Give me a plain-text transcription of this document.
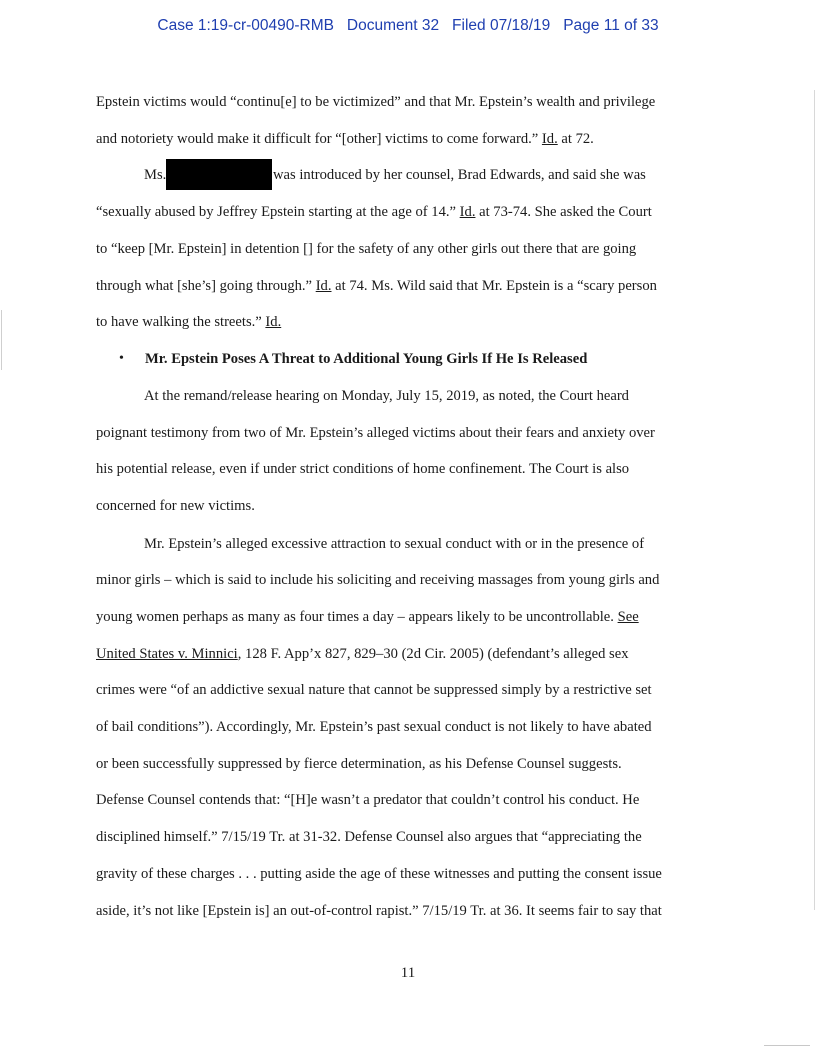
Case 1:19-cr-00490-RMB Document 32 Filed 07/18/19 Page 11 of 33
Epstein victims would “continu[e] to be victimized” and that Mr. Epstein’s wealth and privilege
and notoriety would make it difficult for “[other] victims to come forward.” Id. at 72.
Ms.	was introduced by her counsel, Brad Edwards, and said she was
“sexually abused by Jeffrey Epstein starting at the age of 14.” Id. at 73-74. She asked the Court
to “keep [Mr. Epstein] in detention [] for the safety of any other girls out there that are going
through what [she’s] going through.” Id. at 74. Ms. Wild said that Mr. Epstein is a “scary person
to have walking the streets.” Id.
• Mr. Epstein Poses A Threat to Additional Young Girls If He Is Released
At the remand/release hearing on Monday, July 15, 2019, as noted, the Court heard
poignant testimony from two of Mr. Epstein’s alleged victims about their fears and anxiety over
his potential release, even if under strict conditions of home confinement. The Court is also
concerned for new victims.
Mr. Epstein’s alleged excessive attraction to sexual conduct with or in the presence of
minor girls – which is said to include his soliciting and receiving massages from young girls and
young women perhaps as many as four times a day – appears likely to be uncontrollable. See
United States v. Minnici, 128 F. App’x 827, 829–30 (2d Cir. 2005) (defendant’s alleged sex
crimes were “of an addictive sexual nature that cannot be suppressed simply by a restrictive set
of bail conditions”). Accordingly, Mr. Epstein’s past sexual conduct is not likely to have abated
or been successfully suppressed by fierce determination, as his Defense Counsel suggests.
Defense Counsel contends that: “[H]e wasn’t a predator that couldn’t control his conduct. He
disciplined himself.” 7/15/19 Tr. at 31-32. Defense Counsel also argues that “appreciating the
gravity of these charges . . . putting aside the age of these witnesses and putting the consent issue
aside, it’s not like [Epstein is] an out-of-control rapist.” 7/15/19 Tr. at 36. It seems fair to say that
11
